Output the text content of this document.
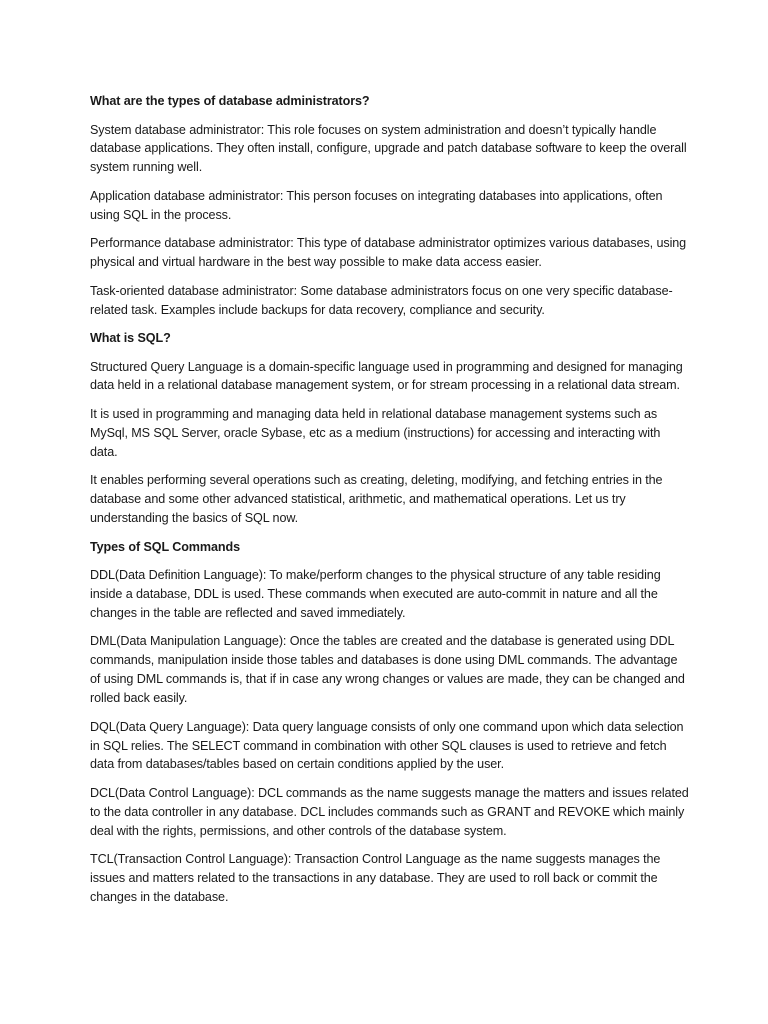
What are the types of database administrators?

System database administrator: This role focuses on system administration and doesn’t typically handle database applications. They often install, configure, upgrade and patch database software to keep the overall system running well.

Application database administrator: This person focuses on integrating databases into applications, often using SQL in the process.

Performance database administrator: This type of database administrator optimizes various databases, using physical and virtual hardware in the best way possible to make data access easier.

Task-oriented database administrator: Some database administrators focus on one very specific database-related task. Examples include backups for data recovery, compliance and security.

What is SQL?

Structured Query Language is a domain-specific language used in programming and designed for managing data held in a relational database management system, or for stream processing in a relational data stream.

It is used in programming and managing data held in relational database management systems such as MySql, MS SQL Server, oracle Sybase, etc as a medium (instructions) for accessing and interacting with data.

It enables performing several operations such as creating, deleting, modifying, and fetching entries in the database and some other advanced statistical, arithmetic, and mathematical operations. Let us try understanding the basics of SQL now.

Types of SQL Commands

DDL(Data Definition Language): To make/perform changes to the physical structure of any table residing inside a database, DDL is used. These commands when executed are auto-commit in nature and all the changes in the table are reflected and saved immediately.

DML(Data Manipulation Language): Once the tables are created and the database is generated using DDL commands, manipulation inside those tables and databases is done using DML commands. The advantage of using DML commands is, that if in case any wrong changes or values are made, they can be changed and rolled back easily.

DQL(Data Query Language): Data query language consists of only one command upon which data selection in SQL relies. The SELECT command in combination with other SQL clauses is used to retrieve and fetch data from databases/tables based on certain conditions applied by the user.

DCL(Data Control Language): DCL commands as the name suggests manage the matters and issues related to the data controller in any database. DCL includes commands such as GRANT and REVOKE which mainly deal with the rights, permissions, and other controls of the database system.

TCL(Transaction Control Language): Transaction Control Language as the name suggests manages the issues and matters related to the transactions in any database. They are used to roll back or commit the changes in the database.
